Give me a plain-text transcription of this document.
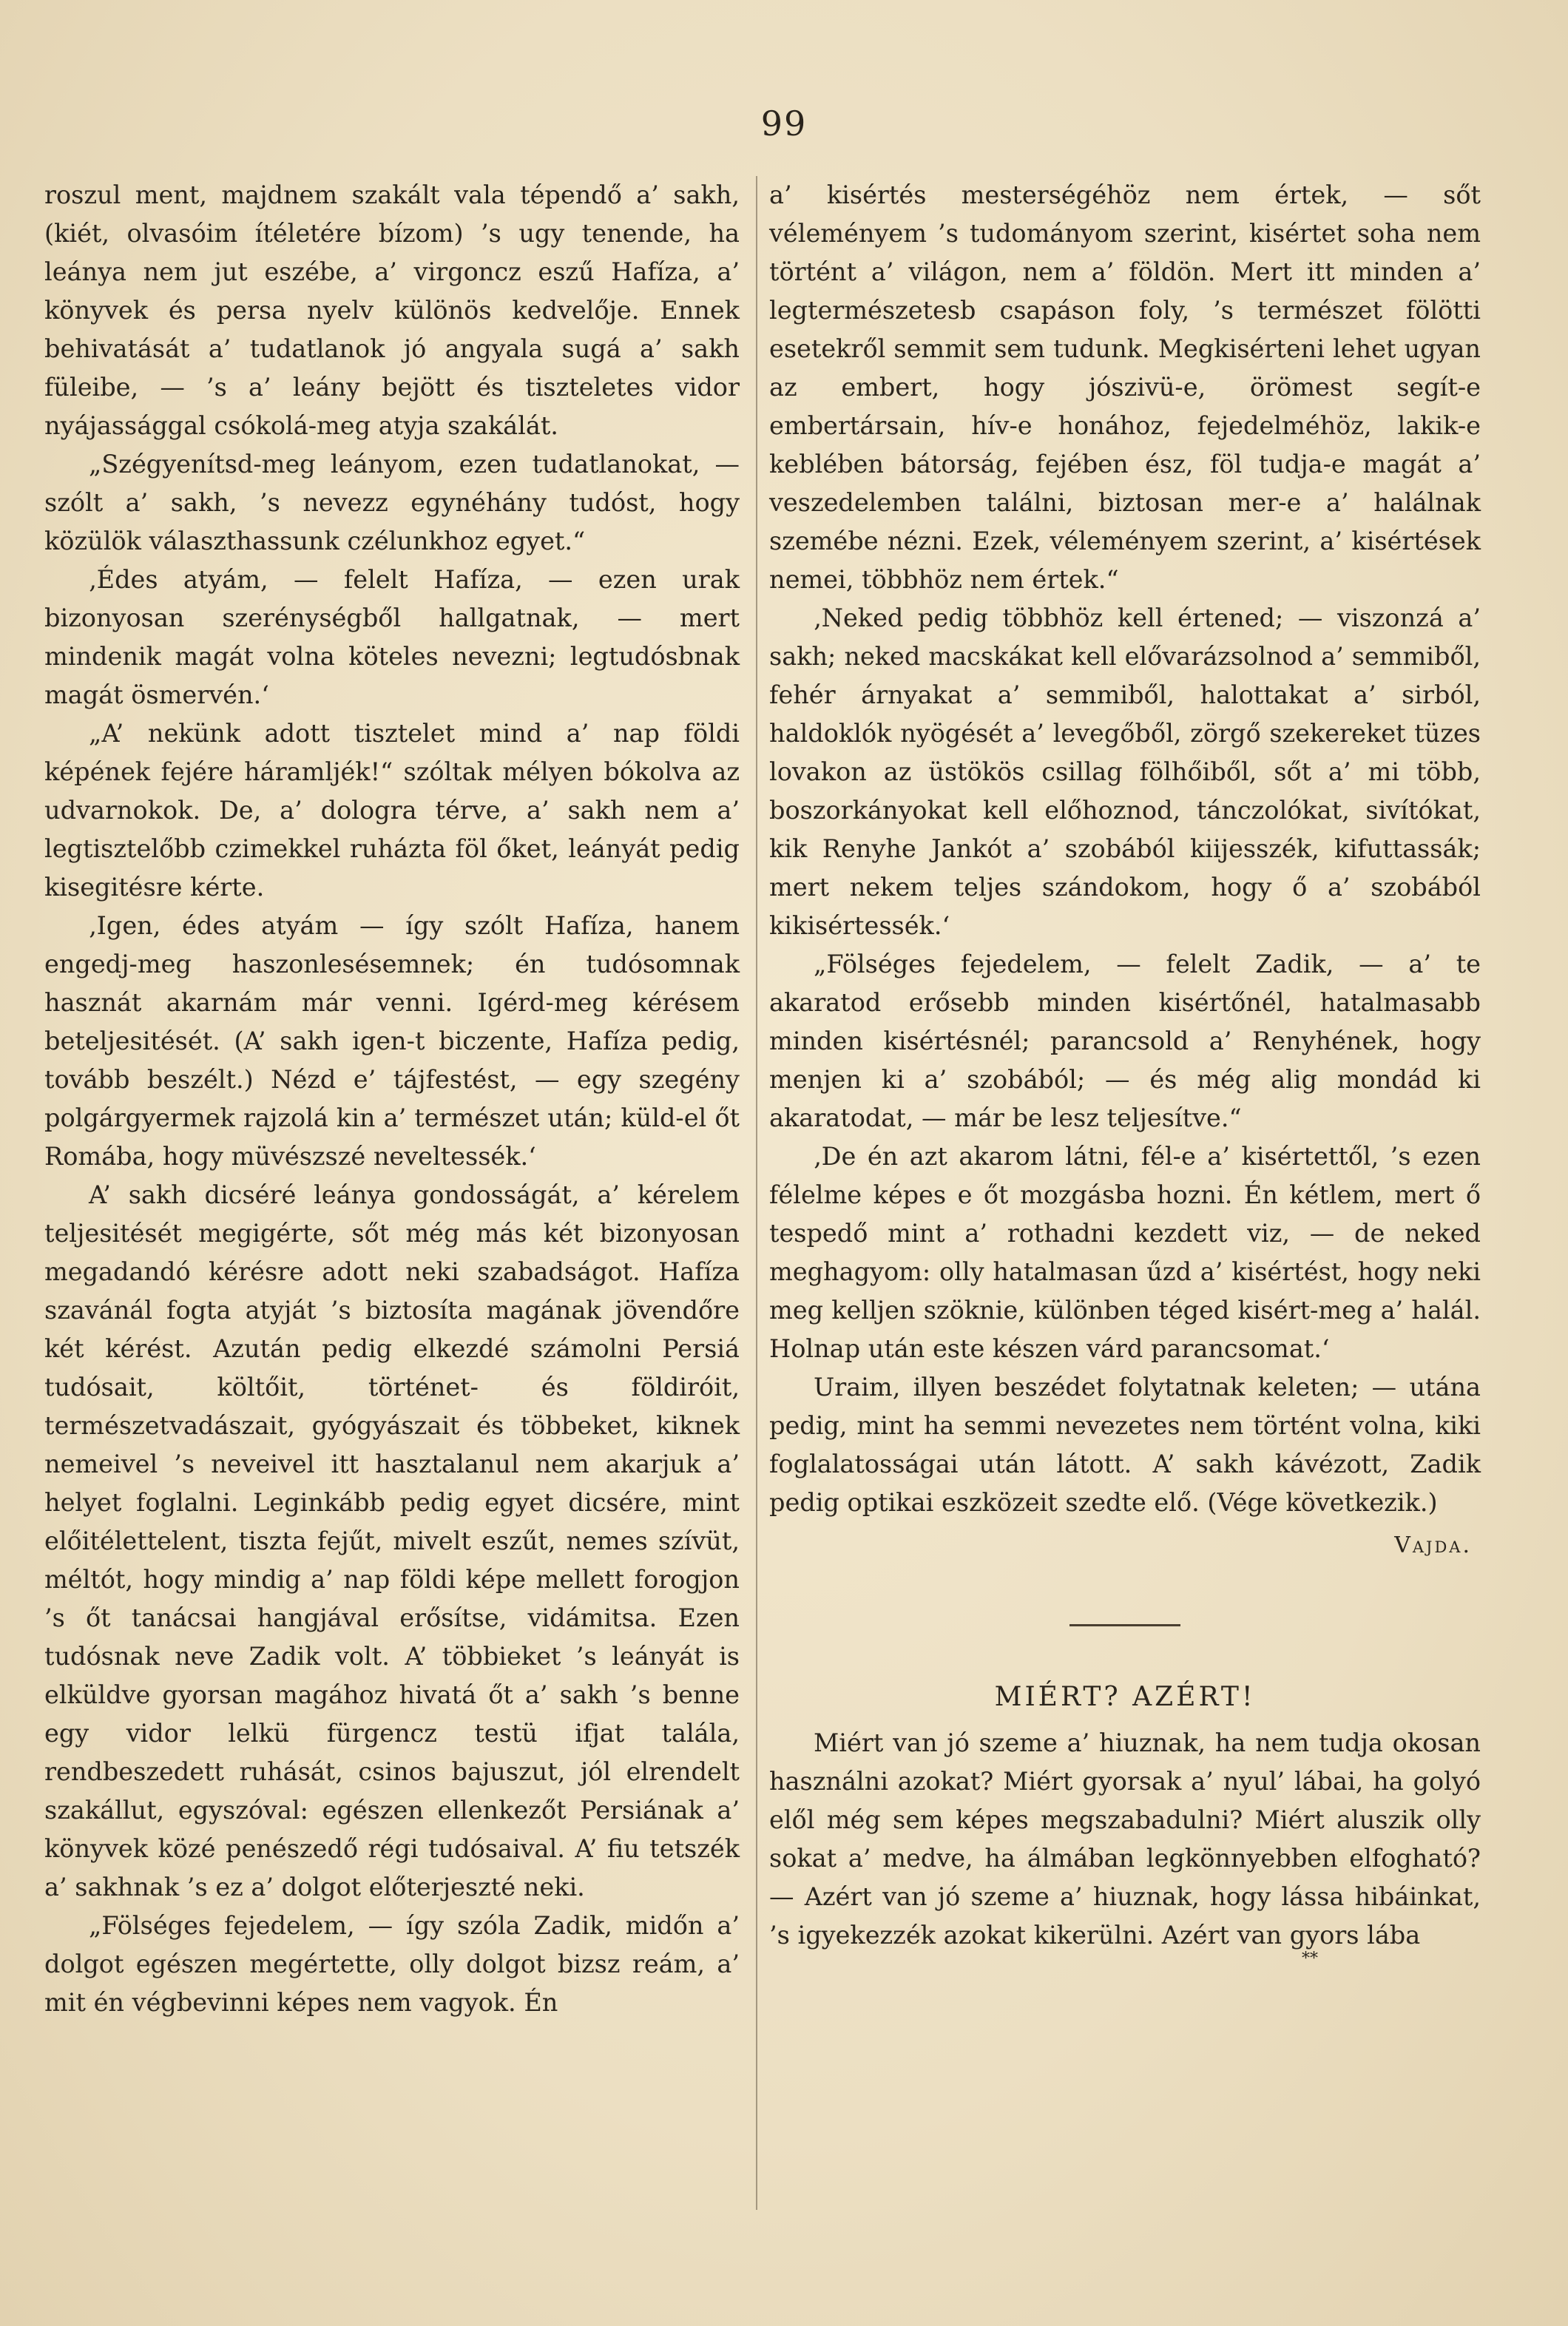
99

roszul ment, majdnem szakált vala tépendő a’ sakh, (kiét, olvasóim ítéletére bízom) ’s ugy tenende, ha leánya nem jut eszébe, a’ virgoncz eszű Hafíza, a’ könyvek és persa nyelv különös kedvelője. Ennek behivatását a’ tudatlanok jó angyala sugá a’ sakh füleibe, — ’s a’ leány bejött és tiszteletes vidor nyájassággal csókolá-meg atyja szakálát.

„Szégyenítsd-meg leányom, ezen tudatlanokat, — szólt a’ sakh, ’s nevezz egynéhány tudóst, hogy közülök választhassunk czélunkhoz egyet.“

‚Édes atyám, — felelt Hafíza, — ezen urak bizonyosan szerénységből hallgatnak, — mert mindenik magát volna köteles nevezni; legtudósbnak magát ösmervén.‘

„A’ nekünk adott tisztelet mind a’ nap földi képének fejére háramljék!“ szóltak mélyen bókolva az udvarnokok. De, a’ dologra térve, a’ sakh nem a’ legtisztelőbb czimekkel ruházta föl őket, leányát pedig kisegitésre kérte.

‚Igen, édes atyám — így szólt Hafíza, hanem engedj-meg haszonlesésemnek; én tudósomnak hasznát akarnám már venni. Igérd-meg kérésem beteljesitését. (A’ sakh igen-t biczente, Hafíza pedig, tovább beszélt.) Nézd e’ tájfestést, — egy szegény polgárgyermek rajzolá kin a’ természet után; küld-el őt Romába, hogy müvészszé neveltessék.‘

A’ sakh dicséré leánya gondosságát, a’ kérelem teljesitését megigérte, sőt még más két bizonyosan megadandó kérésre adott neki szabadságot. Hafíza szavánál fogta atyját ’s biztosíta magának jövendőre két kérést. Azután pedig elkezdé számolni Persiá tudósait, költőit, történet- és földiróit, természetvadászait, gyógyászait és többeket, kiknek nemeivel ’s neveivel itt hasztalanul nem akarjuk a’ helyet foglalni. Leginkább pedig egyet dicsére, mint előitélettelent, tiszta fejűt, mivelt eszűt, nemes szívüt, méltót, hogy mindig a’ nap földi képe mellett forogjon ’s őt tanácsai hangjával erősítse, vidámitsa. Ezen tudósnak neve Zadik volt. A’ többieket ’s leányát is elküldve gyorsan magához hivatá őt a’ sakh ’s benne egy vidor lelkü fürgencz testü ifjat talála, rendbeszedett ruhását, csinos bajuszut, jól elrendelt szakállut, egyszóval: egészen ellenkezőt Persiának a’ könyvek közé penészedő régi tudósaival. A’ fiu tetszék a’ sakhnak ’s ez a’ dolgot előterjeszté neki.

„Fölséges fejedelem, — így szóla Zadik, midőn a’ dolgot egészen megértette, olly dolgot bizsz reám, a’ mit én végbevinni képes nem vagyok. Én

a’ kisértés mesterségéhöz nem értek, — sőt véleményem ’s tudományom szerint, kisértet soha nem történt a’ világon, nem a’ földön. Mert itt minden a’ legtermészetesb csapáson foly, ’s természet fölötti esetekről semmit sem tudunk. Megkisérteni lehet ugyan az embert, hogy jószivü-e, örömest segít-e embertársain, hív-e honához, fejedelméhöz, lakik-e keblében bátorság, fejében ész, föl tudja-e magát a’ veszedelemben találni, biztosan mer-e a’ halálnak szemébe nézni. Ezek, véleményem szerint, a’ kisértések nemei, többhöz nem értek.“

‚Neked pedig többhöz kell értened; — viszonzá a’ sakh; neked macskákat kell elővarázsolnod a’ semmiből, fehér árnyakat a’ semmiből, halottakat a’ sirból, haldoklók nyögését a’ levegőből, zörgő szekereket tüzes lovakon az üstökös csillag fölhőiből, sőt a’ mi több, boszorkányokat kell előhoznod, tánczolókat, sivítókat, kik Renyhe Jankót a’ szobából kiijesszék, kifuttassák; mert nekem teljes szándokom, hogy ő a’ szobából kikisértessék.‘

„Fölséges fejedelem, — felelt Zadik, — a’ te akaratod erősebb minden kisértőnél, hatalmasabb minden kisértésnél; parancsold a’ Renyhének, hogy menjen ki a’ szobából; — és még alig mondád ki akaratodat, — már be lesz teljesítve.“

‚De én azt akarom látni, fél-e a’ kisértettől, ’s ezen félelme képes e őt mozgásba hozni. Én kétlem, mert ő tespedő mint a’ rothadni kezdett viz, — de neked meghagyom: olly hatalmasan űzd a’ kisértést, hogy neki meg kelljen szöknie, különben téged kisért-meg a’ halál. Holnap után este készen várd parancsomat.‘

Uraim, illyen beszédet folytatnak keleten; — utána pedig, mint ha semmi nevezetes nem történt volna, kiki foglalatosságai után látott. A’ sakh kávézott, Zadik pedig optikai eszközeit szedte elő. (Vége következik.)

Vajda.
MIÉRT? AZÉRT!

Miért van jó szeme a’ hiuznak, ha nem tudja okosan használni azokat? Miért gyorsak a’ nyul’ lábai, ha golyó elől még sem képes megszabadulni? Miért aluszik olly sokat a’ medve, ha álmában legkönnyebben elfogható? — Azért van jó szeme a’ hiuznak, hogy lássa hibáinkat, ’s igyekezzék azokat kikerülni. Azért van gyors lába

**
